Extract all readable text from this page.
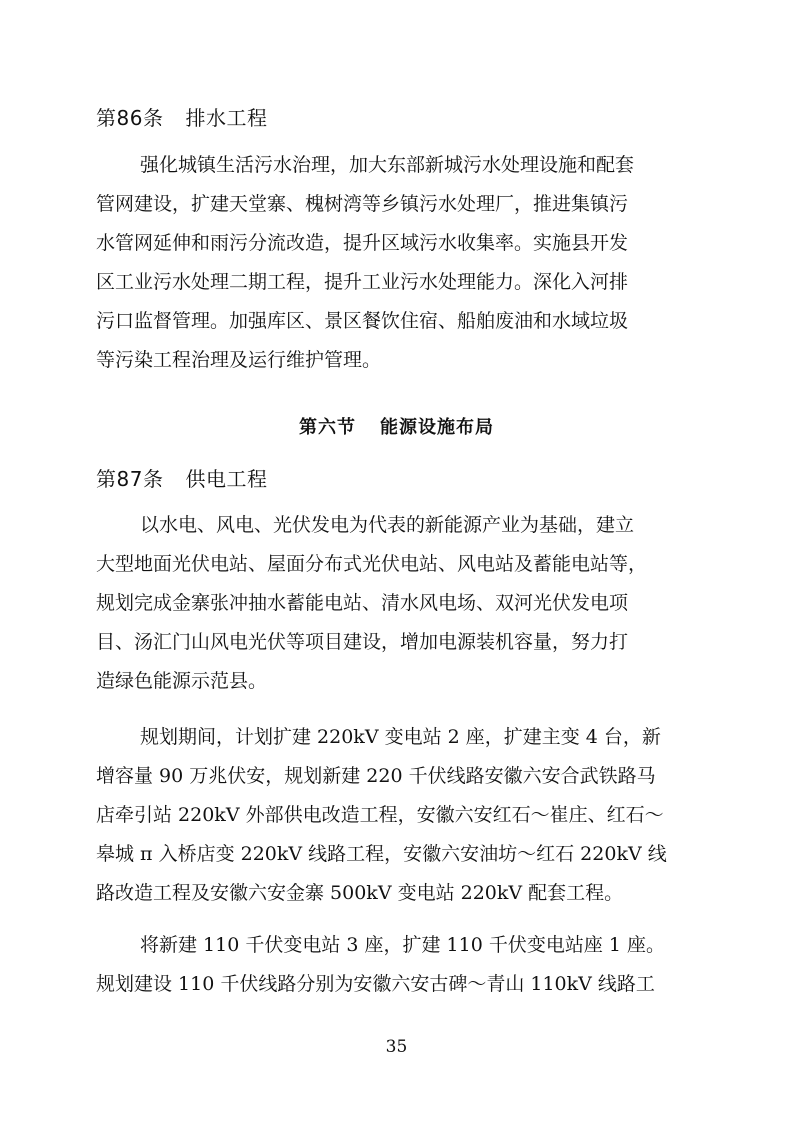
第86条 排水工程
强化城镇生活污水治理，加大东部新城污水处理设施和配套
管网建设，扩建天堂寨、槐树湾等乡镇污水处理厂，推进集镇污
水管网延伸和雨污分流改造，提升区域污水收集率。实施县开发
区工业污水处理二期工程，提升工业污水处理能力。深化入河排
污口监督管理。加强库区、景区餐饮住宿、船舶废油和水域垃圾
等污染工程治理及运行维护管理。
第六节 能源设施布局
第87条 供电工程
以水电、风电、光伏发电为代表的新能源产业为基础，建立
大型地面光伏电站、屋面分布式光伏电站、风电站及蓄能电站等，
规划完成金寨张冲抽水蓄能电站、清水风电场、双河光伏发电项
目、汤汇门山风电光伏等项目建设，增加电源装机容量，努力打
造绿色能源示范县。
规划期间，计划扩建 220kV 变电站 2 座，扩建主变 4 台，新
增容量 90 万兆伏安，规划新建 220 千伏线路安徽六安合武铁路马
店牵引站 220kV 外部供电改造工程，安徽六安红石～崔庄、红石～
皋城 π 入桥店变 220kV 线路工程，安徽六安油坊～红石 220kV 线
路改造工程及安徽六安金寨 500kV 变电站 220kV 配套工程。
将新建 110 千伏变电站 3 座，扩建 110 千伏变电站座 1 座。
规划建设 110 千伏线路分别为安徽六安古碑～青山 110kV 线路工
35
